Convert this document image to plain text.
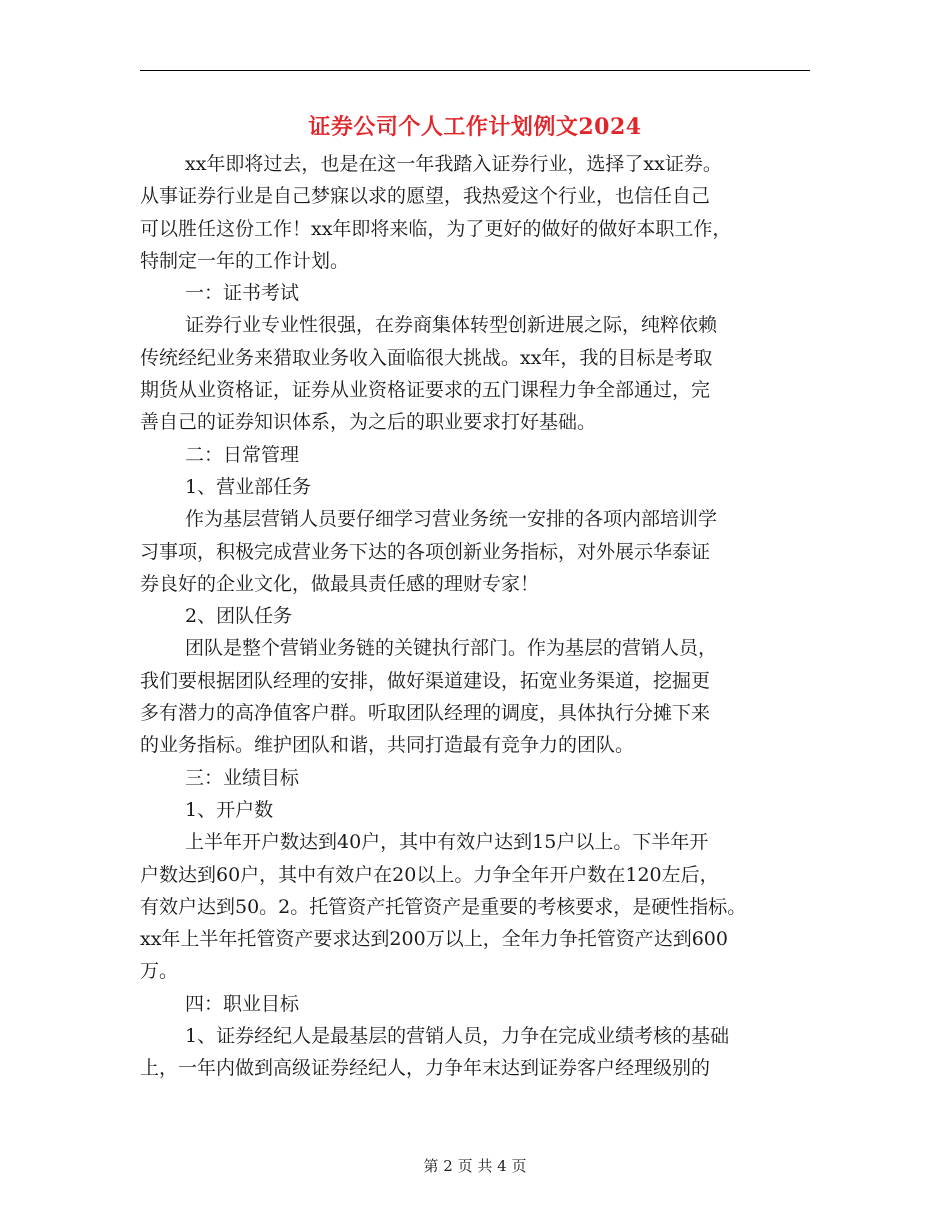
证券公司个人工作计划例文2024

xx年即将过去，也是在这一年我踏入证券行业，选择了xx证券。

从事证券行业是自己梦寐以求的愿望，我热爱这个行业，也信任自己

可以胜任这份工作！xx年即将来临，为了更好的做好的做好本职工作，

特制定一年的工作计划。

一：证书考试

证券行业专业性很强，在券商集体转型创新进展之际，纯粹依赖

传统经纪业务来猎取业务收入面临很大挑战。xx年，我的目标是考取

期货从业资格证，证券从业资格证要求的五门课程力争全部通过，完

善自己的证券知识体系，为之后的职业要求打好基础。

二：日常管理

1、营业部任务

作为基层营销人员要仔细学习营业务统一安排的各项内部培训学

习事项，积极完成营业务下达的各项创新业务指标，对外展示华泰证

券良好的企业文化，做最具责任感的理财专家！

2、团队任务

团队是整个营销业务链的关键执行部门。作为基层的营销人员，

我们要根据团队经理的安排，做好渠道建设，拓宽业务渠道，挖掘更

多有潜力的高净值客户群。听取团队经理的调度，具体执行分摊下来

的业务指标。维护团队和谐，共同打造最有竞争力的团队。

三：业绩目标

1、开户数

上半年开户数达到40户，其中有效户达到15户以上。下半年开

户数达到60户，其中有效户在20以上。力争全年开户数在120左后，

有效户达到50。2。托管资产托管资产是重要的考核要求，是硬性指标。

xx年上半年托管资产要求达到200万以上，全年力争托管资产达到600

万。

四：职业目标

1、证券经纪人是最基层的营销人员，力争在完成业绩考核的基础

上，一年内做到高级证券经纪人，力争年末达到证券客户经理级别的

第 2 页 共 4 页
